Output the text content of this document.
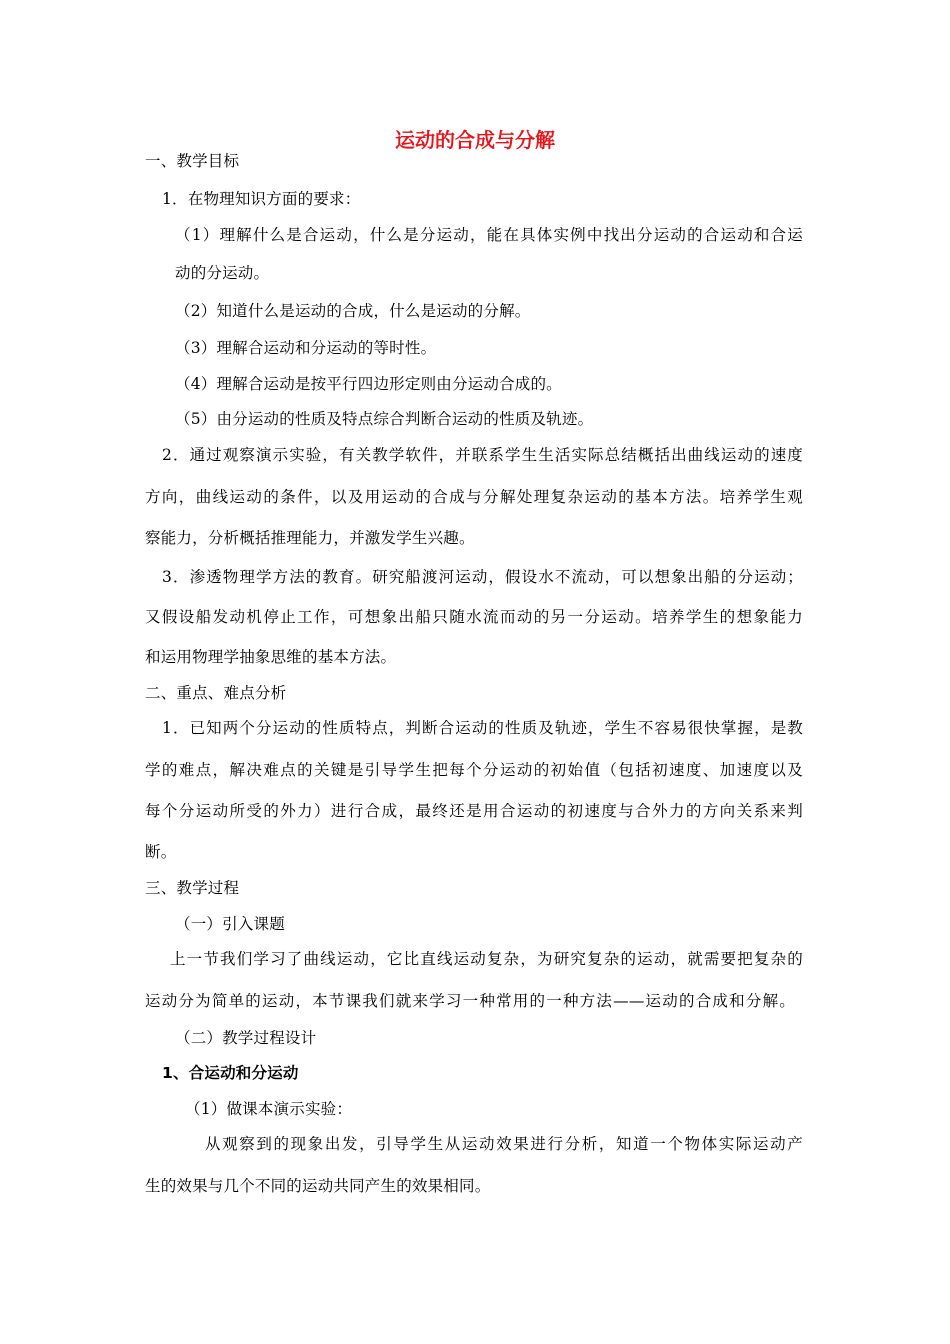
运动的合成与分解
一、教学目标
1．在物理知识方面的要求：
（1）理解什么是合运动，什么是分运动，能在具体实例中找出分运动的合运动和合运
动的分运动。
（2）知道什么是运动的合成，什么是运动的分解。
（3）理解合运动和分运动的等时性。
（4）理解合运动是按平行四边形定则由分运动合成的。
（5）由分运动的性质及特点综合判断合运动的性质及轨迹。
2．通过观察演示实验，有关教学软件，并联系学生生活实际总结概括出曲线运动的速度
方向，曲线运动的条件，以及用运动的合成与分解处理复杂运动的基本方法。培养学生观
察能力，分析概括推理能力，并激发学生兴趣。
3．渗透物理学方法的教育。研究船渡河运动，假设水不流动，可以想象出船的分运动；
又假设船发动机停止工作，可想象出船只随水流而动的另一分运动。培养学生的想象能力
和运用物理学抽象思维的基本方法。
二、重点、难点分析
1．已知两个分运动的性质特点，判断合运动的性质及轨迹，学生不容易很快掌握，是教
学的难点，解决难点的关键是引导学生把每个分运动的初始值（包括初速度、加速度以及
每个分运动所受的外力）进行合成，最终还是用合运动的初速度与合外力的方向关系来判
断。
三、教学过程
（一）引入课题
上一节我们学习了曲线运动，它比直线运动复杂，为研究复杂的运动，就需要把复杂的
运动分为简单的运动，本节课我们就来学习一种常用的一种方法——运动的合成和分解。
（二）教学过程设计
1、合运动和分运动
（1）做课本演示实验：
从观察到的现象出发，引导学生从运动效果进行分析，知道一个物体实际运动产
生的效果与几个不同的运动共同产生的效果相同。
